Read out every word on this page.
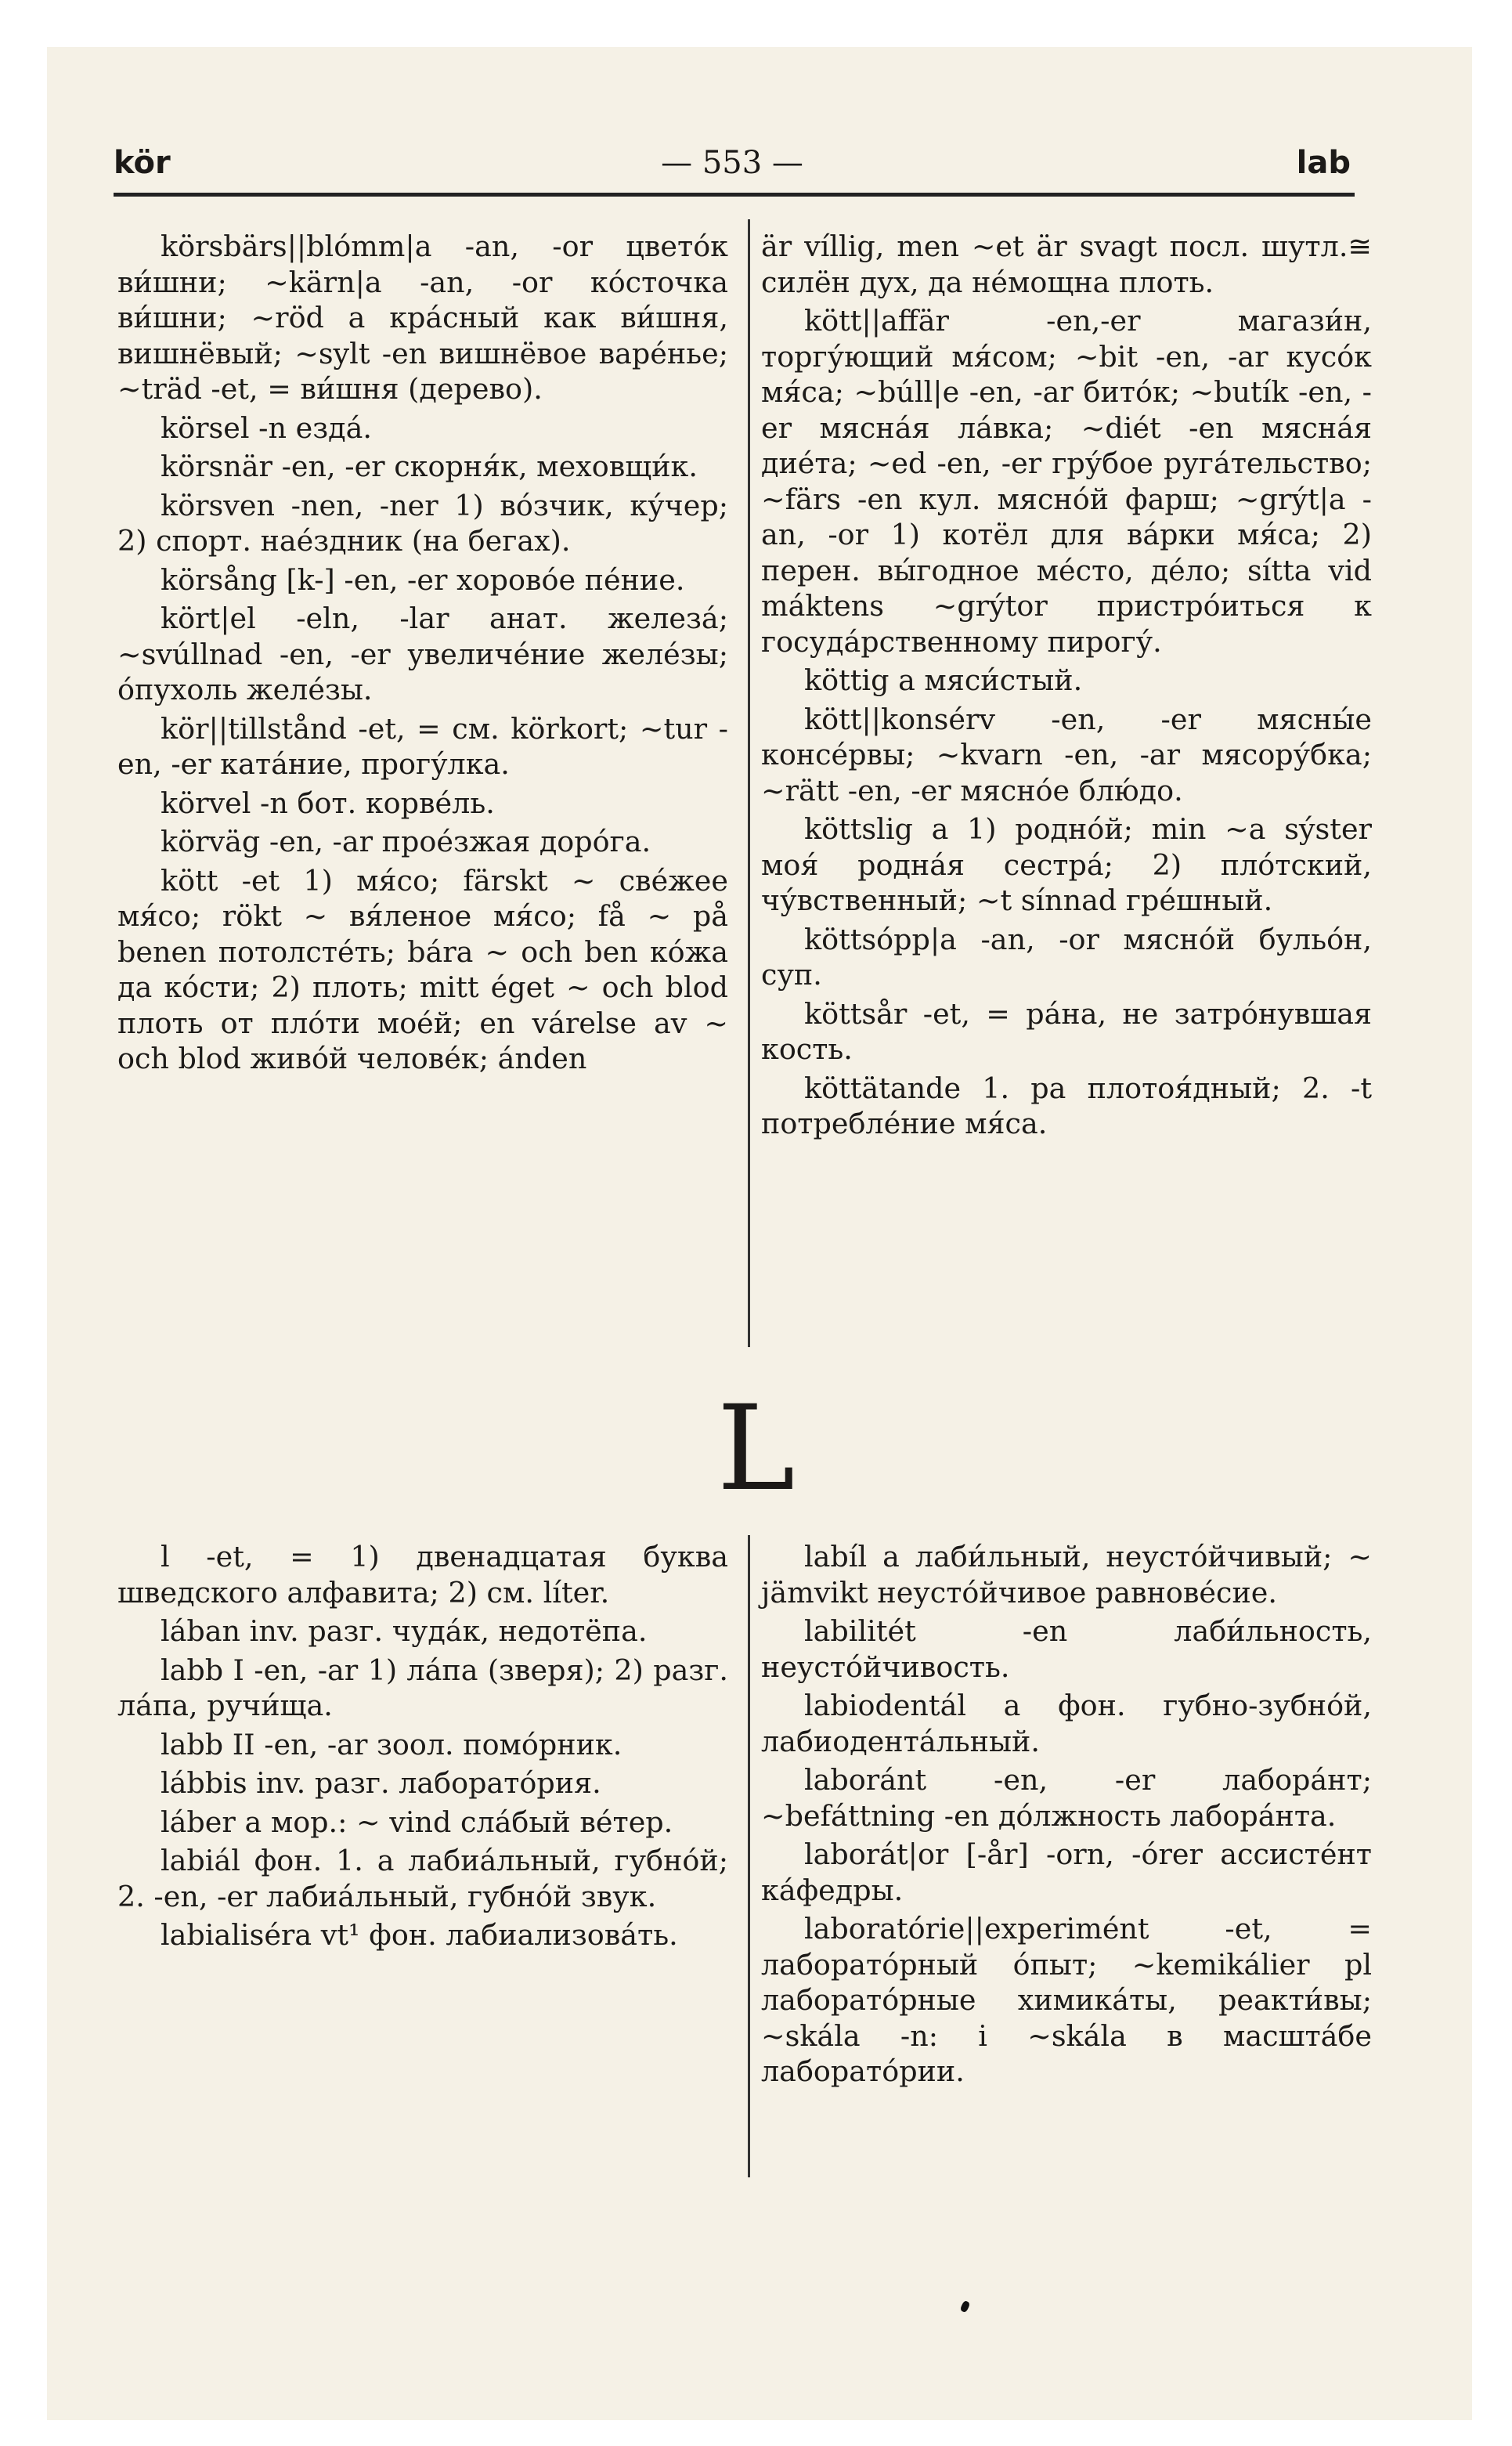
kör	— 553 —	lab

körsbärs||blómm|a -an, -or цвето́к ви́шни; ~kärn|a -an, -or ко́сточка ви́шни; ~röd a кра́сный как ви́шня, вишнёвый; ~sylt -en вишнёвое варе́нье; ~träd -et, = ви́шня (дерево).

körsel -n езда́.

körsnär -en, -er скорня́к, меховщи́к.

körsven -nen, -ner 1) во́зчик, ку́чер; 2) спорт. нае́здник (на бегах).

körsång [k-] -en, -er хорово́е пе́ние.

kört|el -eln, -lar анат. железа́; ~svúllnad -en, -er увеличе́ние желе́зы; о́пухоль желе́зы.

kör||tillstånd -et, = см. körkort; ~tur -en, -er ката́ние, прогу́лка.

körvel -n бот. корве́ль.

körväg -en, -ar прое́зжая доро́га.

kött -et 1) мя́со; färskt ~ све́жее мя́со; rökt ~ вя́леное мя́со; få ~ på benen потолсте́ть; bára ~ och ben ко́жа да ко́сти; 2) плоть; mitt éget ~ och blod плоть от пло́ти мое́й; en várelse av ~ och blod живо́й челове́к; ánden

är víllig, men ~et är svagt посл. шутл.≅ силён дух, да не́мощна плоть.

kött||affär -en,-er магази́н, торгу́ющий мя́сом; ~bit -en, -ar кусо́к мя́са; ~búll|e -en, -ar бито́к; ~butík -en, -er мясна́я ла́вка; ~diét -en мясна́я дие́та; ~ed -en, -er гру́бое руга́тельство; ~färs -en кул. мясно́й фарш; ~grýt|a -an, -or 1) котёл для ва́рки мя́са; 2) перен. вы́годное ме́сто, де́ло; sítta vid máktens ~grýtor пристро́иться к госуда́рственному пирогу́.

köttig a мяси́стый.

kött||konsérv -en, -er мясны́е консе́рвы; ~kvarn -en, -ar мясору́бка; ~rätt -en, -er мясно́е блю́до.

köttslig a 1) родно́й; min ~a sýster моя́ родна́я сестра́; 2) пло́тский, чу́вственный; ~t sínnad гре́шный.

köttsópp|a -an, -or мясно́й бульо́н, суп.

köttsår -et, = ра́на, не затро́нувшая кость.

köttätande 1. pa плотоя́дный; 2. -t потребле́ние мя́са.

L

l -et, = 1) двенадцатая буква шведского алфавита; 2) см. líter.

lában inv. разг. чуда́к, недотёпа.

labb I -en, -ar 1) ла́па (зверя); 2) разг. ла́па, ручи́ща.

labb II -en, -ar зоол. помо́рник.

lábbis inv. разг. лаборато́рия.

láber a мор.: ~ vind сла́бый ве́тер.

labiál фон. 1. a лабиа́льный, губно́й; 2. -en, -er лабиа́льный, губно́й звук.

labialiséra vt¹ фон. лабиализова́ть.

labíl a лаби́льный, неусто́йчивый; ~ jämvikt неусто́йчивое равнове́сие.

labilitét -en лаби́льность, неусто́йчивость.

labiodentál a фон. губно-зубно́й, лабиодента́льный.

laboránt -en, -er лабора́нт; ~befáttning -en до́лжность лабора́нта.

laborát|or [-år] -orn, -órer ассисте́нт ка́федры.

laboratórie||experimént -et, = лаборато́рный о́пыт; ~kemikálier pl лаборато́рные химика́ты, реакти́вы; ~skála -n: i ~skála в масшта́бе лаборато́рии.
